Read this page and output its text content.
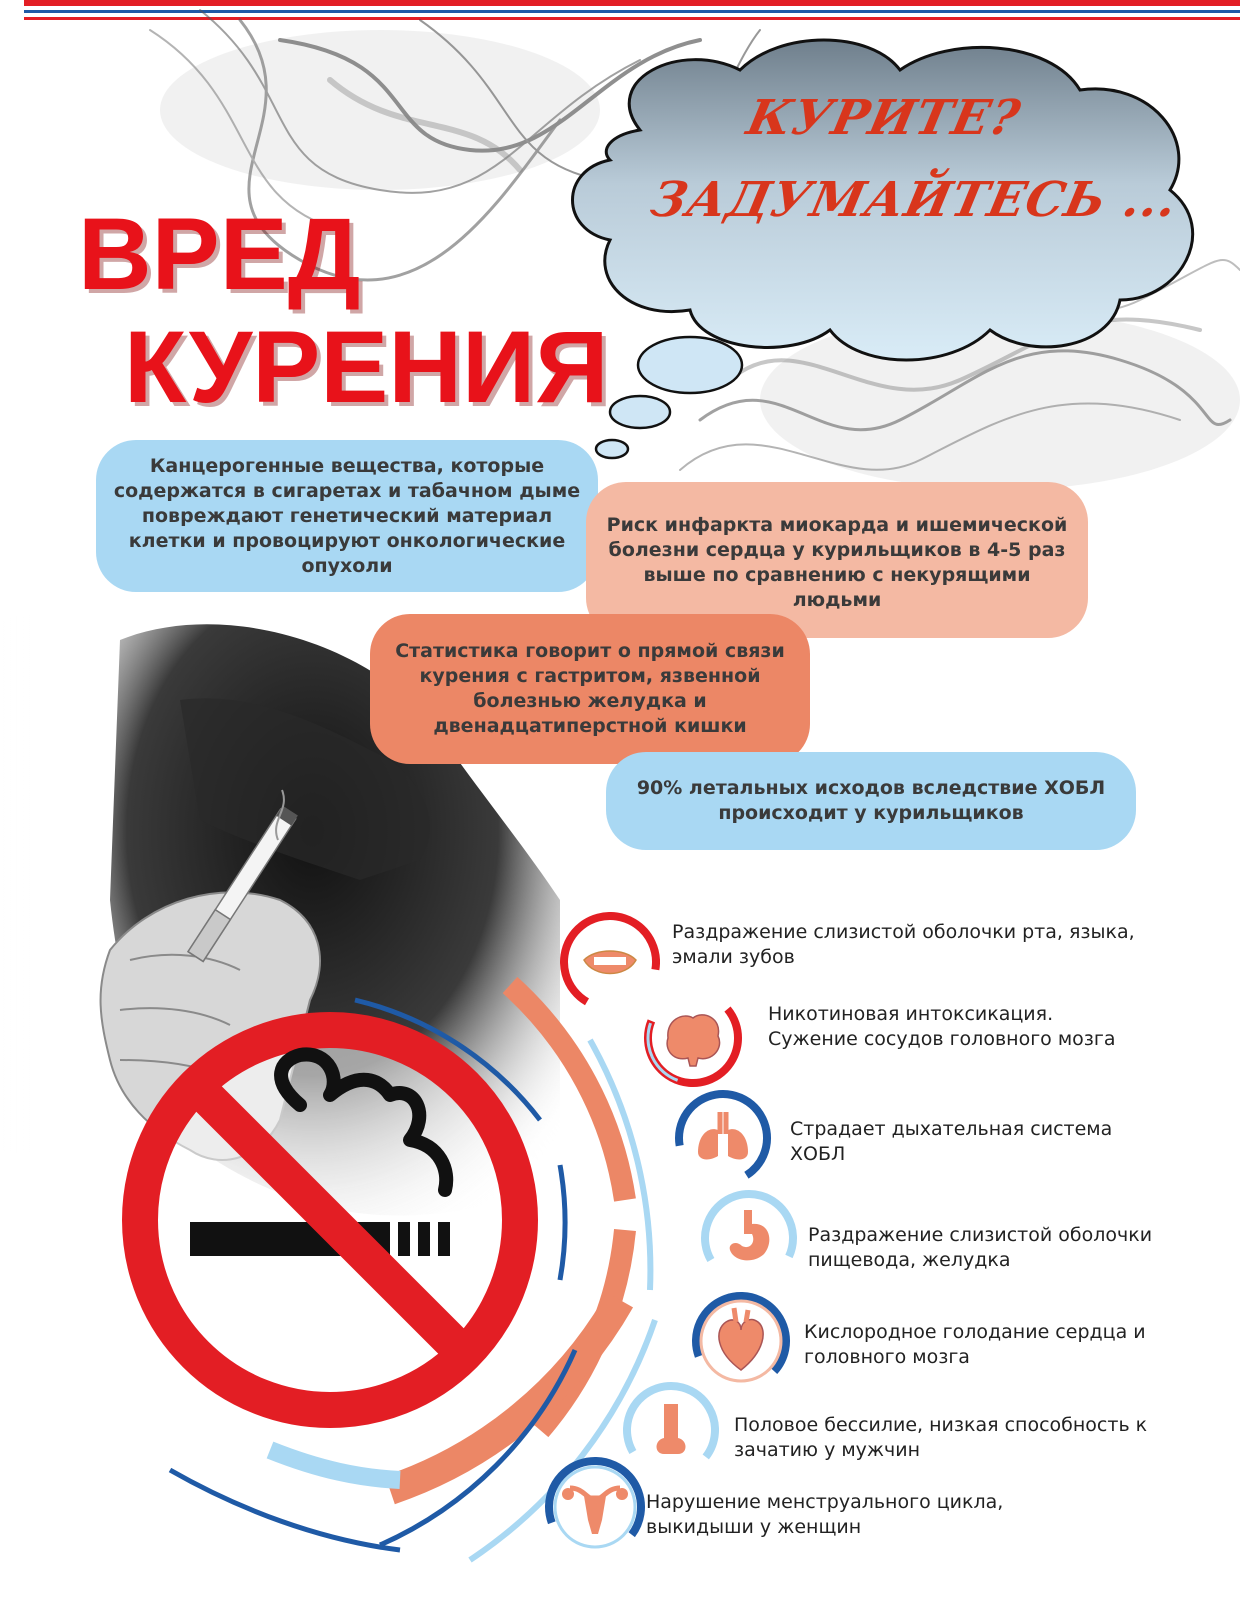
КУРИТЕ?
ЗАДУМАЙТЕСЬ ...
ВРЕД
КУРЕНИЯ
Канцерогенные вещества, которые содержатся в сигаретах и табачном дыме повреждают генетический материал клетки и провоцируют онкологические опухоли
Риск инфаркта миокарда и ишемической болезни сердца у курильщиков в 4-5 раз выше по сравнению с некурящими людьми
Статистика говорит о прямой связи курения с гастритом, язвенной болезнью желудка и двенадцатиперстной кишки
90% летальных исходов вследствие ХОБЛ происходит у курильщиков
Раздражение слизистой оболочки рта, языка, эмали зубов
Никотиновая интоксикация. Сужение сосудов головного мозга
Страдает дыхательная система ХОБЛ
Раздражение слизистой оболочки пищевода, желудка
Кислородное голодание сердца и головного мозга
Половое бессилие, низкая способность к зачатию у мужчин
Нарушение менструального цикла, выкидыши у женщин
